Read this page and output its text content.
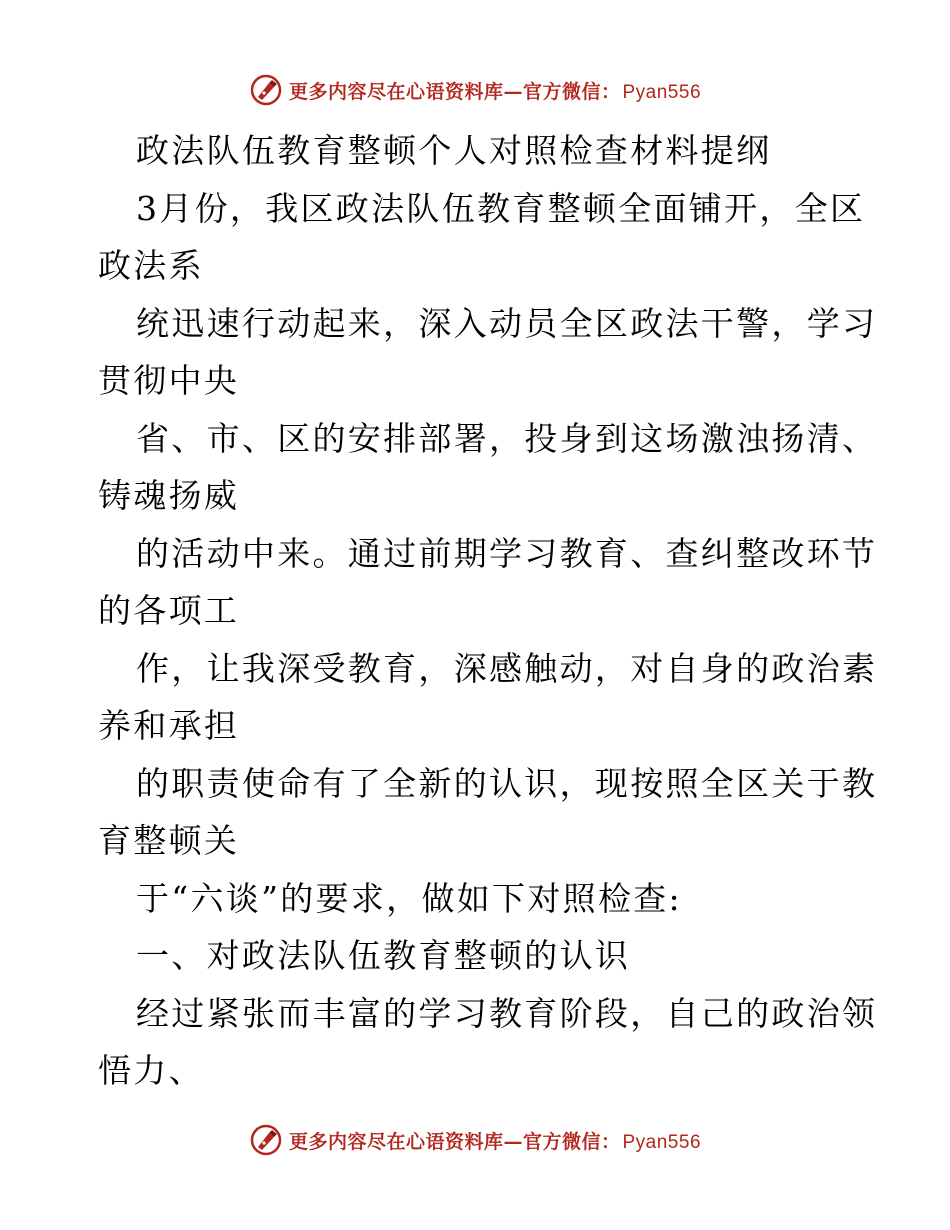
更多内容尽在心语资料库—官方微信： Pyan556

政法队伍教育整顿个人对照检查材料提纲

3月份，我区政法队伍教育整顿全面铺开，全区

政法系

统迅速行动起来，深入动员全区政法干警，学习

贯彻中央

省、市、区的安排部署，投身到这场激浊扬清、

铸魂扬威

的活动中来。通过前期学习教育、查纠整改环节

的各项工

作，让我深受教育，深感触动，对自身的政治素

养和承担

的职责使命有了全新的认识，现按照全区关于教

育整顿关

于“六谈”的要求，做如下对照检查:

一、对政法队伍教育整顿的认识

经过紧张而丰富的学习教育阶段，自己的政治领

悟力、

更多内容尽在心语资料库—官方微信： Pyan556
